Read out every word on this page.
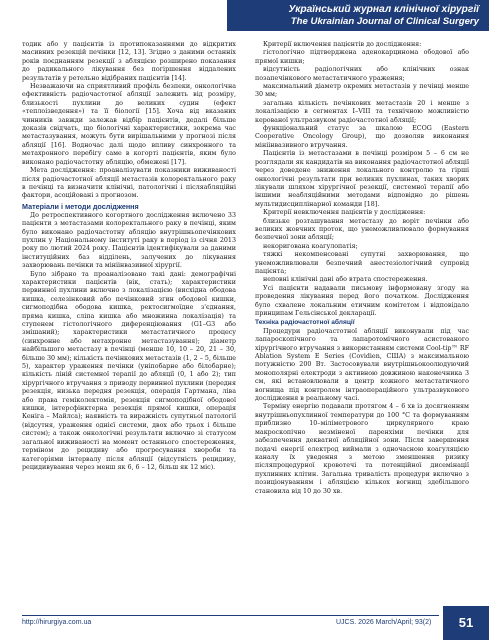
Український журнал клінічної хірургії
The Ukrainian Journal of Clinical Surgery

тодик або у пацієнтів із протипоказаннями до відкритих масивних резекцій печінки [12, 13]. Згідно з даними останніх років поєднанням резекції з абляцією розширено показання до радикального лікування без погіршення віддалених результатів у ретельно відібраних пацієнтів [14].

Незважаючи на сприятливий профіль безпеки, онкологічна ефективність радіочастотної абляції залежить від розміру, близькості пухлини до великих судин (ефект «теплоізведення») та її біології [15]. Хоча від вказаних чинників завжди залежав відбір пацієнтів, дедалі більше доказів свідчать, що біологічні характеристики, зокрема час метастазування, можуть бути вирішальними у прогнозі після абляції [16]. Водночас далі щодо впливу синхронного та метахронного перебігу саме в когорті пацієнтів, яким було виконано радіочастотну абляцію, обмежені [17].

Мета дослідження: проаналізувати показники виживаності після радіочастотної абляції метастазів колоректального раку в печінці та визначити клінічні, патологічні і післяабляційні фактори, асоційовані з прогнозом.

Матеріали і методи дослідження

До ретроспективного когортного дослідження включено 33 пацієнти з метастазами колоректального раку в печінці, яким було виконано радіочастотну абляцію внутрішньопечінкових пухлин у Національному інституті раку в період із січня 2013 року по лютий 2024 року. Пацієнтів ідентифікували за даними інституційних баз відділень, залучених до лікування захворювань печінки та мініінвазивної хірургії.

Було зібрано та проаналізовано такі дані: демографічні характеристики пацієнтів (вік, стать); характеристики первинної пухлини включно з локалізацією (висхідна ободова кишка, селезінковий або печінковий згин ободової кишки, сигмоподібна ободова кишка, ректосигмоїдне з'єднання, пряма кишка, сліпа кишка або множинна локалізація) та ступенем гістологічного диференціювання (G1–G3 або змішаний); характеристики метастатичного процесу (синхронне або метахронне метастазування); діаметр найбільшого метастазу в печінці (менше 10, 10 – 20, 21 – 30, більше 30 мм); кількість печінкових метастазів (1, 2 – 5, більше 5), характер ураження печінки (уніпобарне або білобарне); кількість ліній системної терапії до абляції (0, 1 або 2); тип хірургічного втручання з приводу первинної пухлини (передня резекція, низька передня резекція, операція Гартмана, ліва або права геміколектомія, резекція сигмоподібної ободової кишки, інтерсфінктерна резекція прямої кишки, операція Кеніга – Майлса); наявність та виражність супутньої патології (відсутня, ураження однієї системи, двох або трьох і більше систем); а також онкологічні результати включно зі статусом загальної виживаності на момент останнього спостереження, терміном до рецидиву або прогресування хвороби та категоріями інтервалу після абляції (відсутність рецидиву, рецидивування через менш як 6, 6 – 12, більш як 12 міс).

Критерії включення пацієнтів до дослідження:

гістологічно підтверджена аденокарцинома ободової або прямої кишки;

відсутність радіологічних або клінічних ознак позапечінкового метастатичного ураження;

максимальний діаметр окремих метастазів у печінці менше 30 мм;

загальна кількість печінкових метастазів 20 і менше з локалізацією в сегментах I–VIII та технічною можливістю керованої ультразвуком радіочастотної абляції;

функціональний статус за шкалою ECOG (Eastern Cooperative Oncology Group), що дозволяв виконання мініінвазивного втручання.

Пацієнтів із метастазами в печінці розміром 5 – 6 см не розглядали як кандидатів на виконання радіочастотної абляції через доведене зниження локального контролю та гірші онкологічні результати при великих пухлинах, таких хворих лікували шляхом хірургічної резекції, системної терапії або іншими неабляційними методами відповідно до рішень мультидисциплінарної команди [18].

Критерії невключення пацієнтів у дослідження:

близьке розташування метастазу до воріт печінки або великих жовчних проток, що унеможливлювало формування безпечної зони абляції;

некоригована коагулопатія;

тяжкі некомпенсовані супутні захворювання, що унеможливлювали безпечний анестезіологічний супровід пацієнта;

неповні клінічні дані або втрата спостереження.

Усі пацієнти надавали письмову інформовану згоду на проведення лікування перед його початком. Дослідження було схвалене локальним етичним комітетом і відповідало принципам Гельсінської декларації.

Техніка радіочастотної абляції

Процедури радіочастотної абляції виконували під час лапароскопічного та лапаротомічного асистованого хірургічного втручання з використанням системи Cool-tip™ RF Ablation System E Series (Covidien, США) з максимальною потужністю 200 Вт. Застосовували внутрішньокоолюдуючий монополярні електроди з активною довжиною наконечника 3 см, які встановлювали в центр кожного метастатичного вогнища під контролем інтраопераційного ультразвукового дослідження в реальному часі.

Терміну енергію подавали протягом 4 – 6 хв із досягненням внутрішньопухлинної температури до 100 °С та формуванням приблизно 10–міліметрового циркулярного краю макроскопічно незміненої паренхіми печінки для забезпечення декватної абляційної зони. Після завершення подачі енергії електрод виймали з одночасною коагуляцією каналу їх уведення з метою зменшення ризику післяпроцедурної кровотечі та потенційної дисемінації пухлинних клітин. Загальна тривалість процедури включно з позиціонуванням і абляцією кількох вогнищ здебільшого становила від 10 до 30 хв.

http://hirurgiya.com.ua	UJCS. 2026 March/April; 93(2)	51
